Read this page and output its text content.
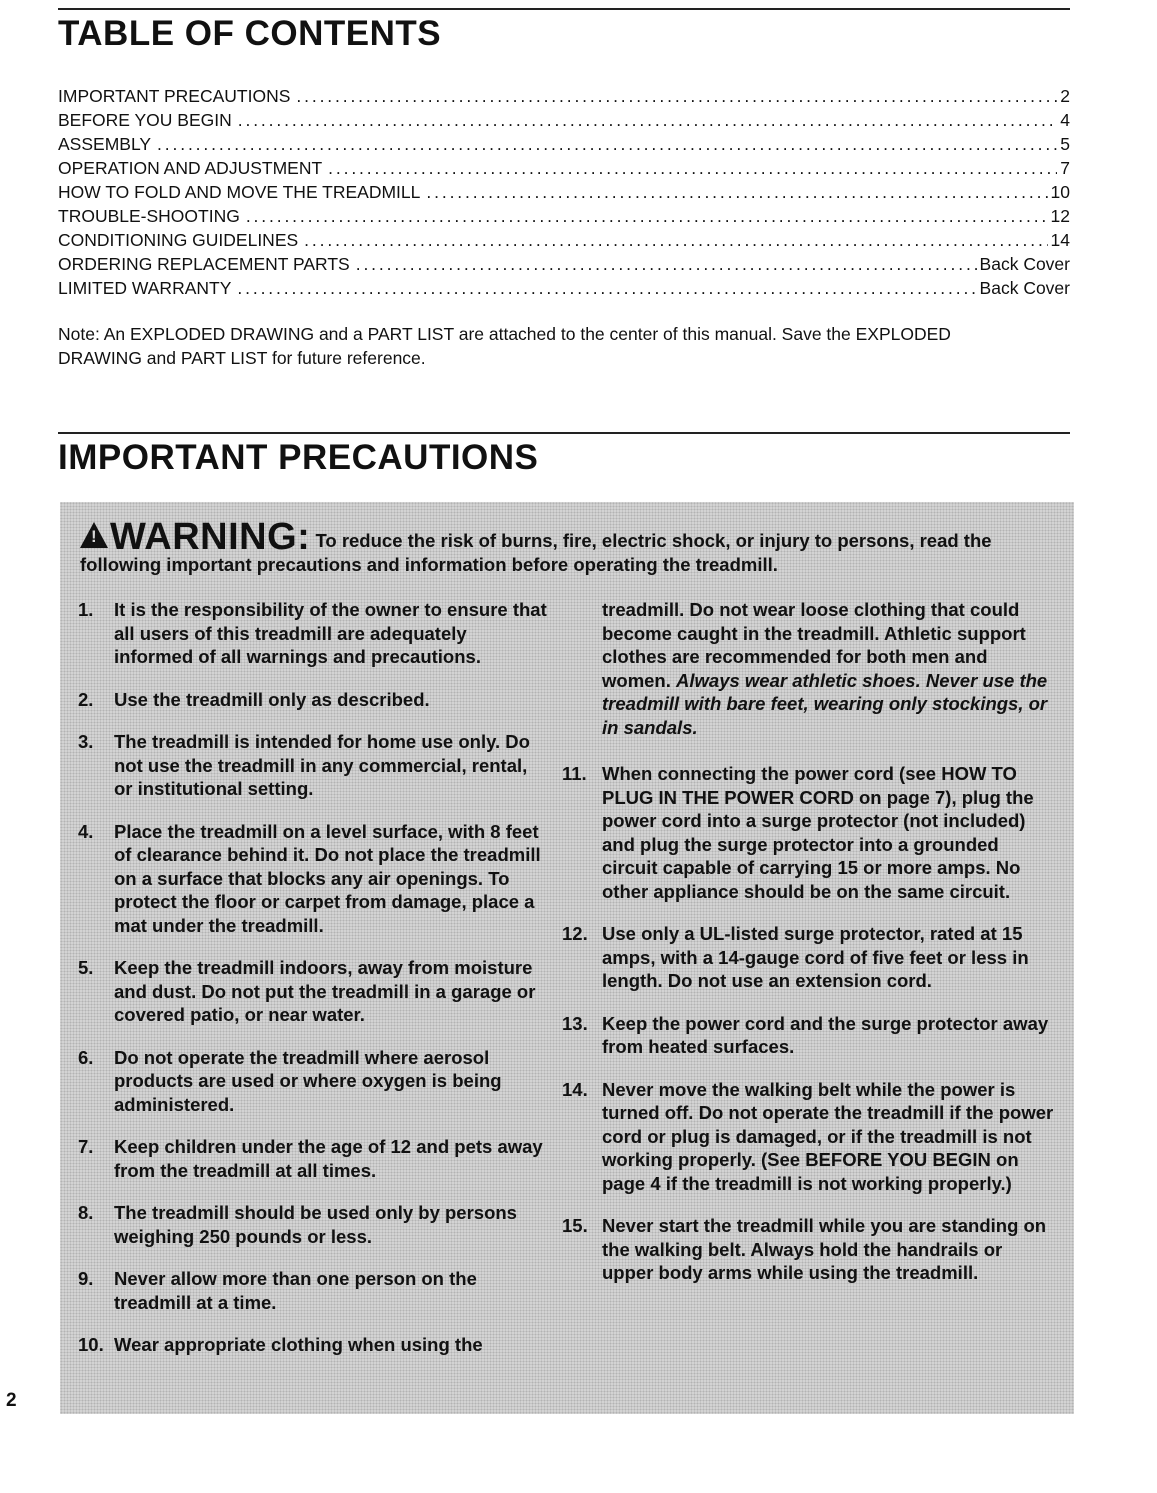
TABLE OF CONTENTS
IMPORTANT PRECAUTIONS . . .	2
BEFORE YOU BEGIN . . .	4
ASSEMBLY . . .	5
OPERATION AND ADJUSTMENT . . .	7
HOW TO FOLD AND MOVE THE TREADMILL . . .	10
TROUBLE-SHOOTING . . .	12
CONDITIONING GUIDELINES . . .	14
ORDERING REPLACEMENT PARTS . . .	Back Cover
LIMITED WARRANTY . . .	Back Cover

Note: An EXPLODED DRAWING and a PART LIST are attached to the center of this manual. Save the EXPLODED DRAWING and PART LIST for future reference.

IMPORTANT PRECAUTIONS

!WARNING: To reduce the risk of burns, fire, electric shock, or injury to persons, read the following important precautions and information before operating the treadmill.

1.	It is the responsibility of the owner to ensure that all users of this treadmill are adequately informed of all warnings and precautions.
2.	Use the treadmill only as described.
3.	The treadmill is intended for home use only. Do not use the treadmill in any commercial, rental, or institutional setting.
4.	Place the treadmill on a level surface, with 8 feet of clearance behind it. Do not place the treadmill on a surface that blocks any air openings. To protect the floor or carpet from damage, place a mat under the treadmill.
5.	Keep the treadmill indoors, away from moisture and dust. Do not put the treadmill in a garage or covered patio, or near water.
6.	Do not operate the treadmill where aerosol products are used or where oxygen is being administered.
7.	Keep children under the age of 12 and pets away from the treadmill at all times.
8.	The treadmill should be used only by persons weighing 250 pounds or less.
9.	Never allow more than one person on the treadmill at a time.
10. Wear appropriate clothing when using the
treadmill. Do not wear loose clothing that could become caught in the treadmill. Athletic support clothes are recommended for both men and women. Always wear athletic shoes. Never use the treadmill with bare feet, wearing only stockings, or in sandals.
11. When connecting the power cord (see HOW TO PLUG IN THE POWER CORD on page 7), plug the power cord into a surge protector (not included) and plug the surge protector into a grounded circuit capable of carrying 15 or more amps. No other appliance should be on the same circuit.
12. Use only a UL-listed surge protector, rated at 15 amps, with a 14-gauge cord of five feet or less in length. Do not use an extension cord.
13. Keep the power cord and the surge protector away from heated surfaces.
14. Never move the walking belt while the power is turned off. Do not operate the treadmill if the power cord or plug is damaged, or if the treadmill is not working properly. (See BEFORE YOU BEGIN on page 4 if the treadmill is not working properly.)
15. Never start the treadmill while you are standing on the walking belt. Always hold the handrails or upper body arms while using the treadmill.

2
